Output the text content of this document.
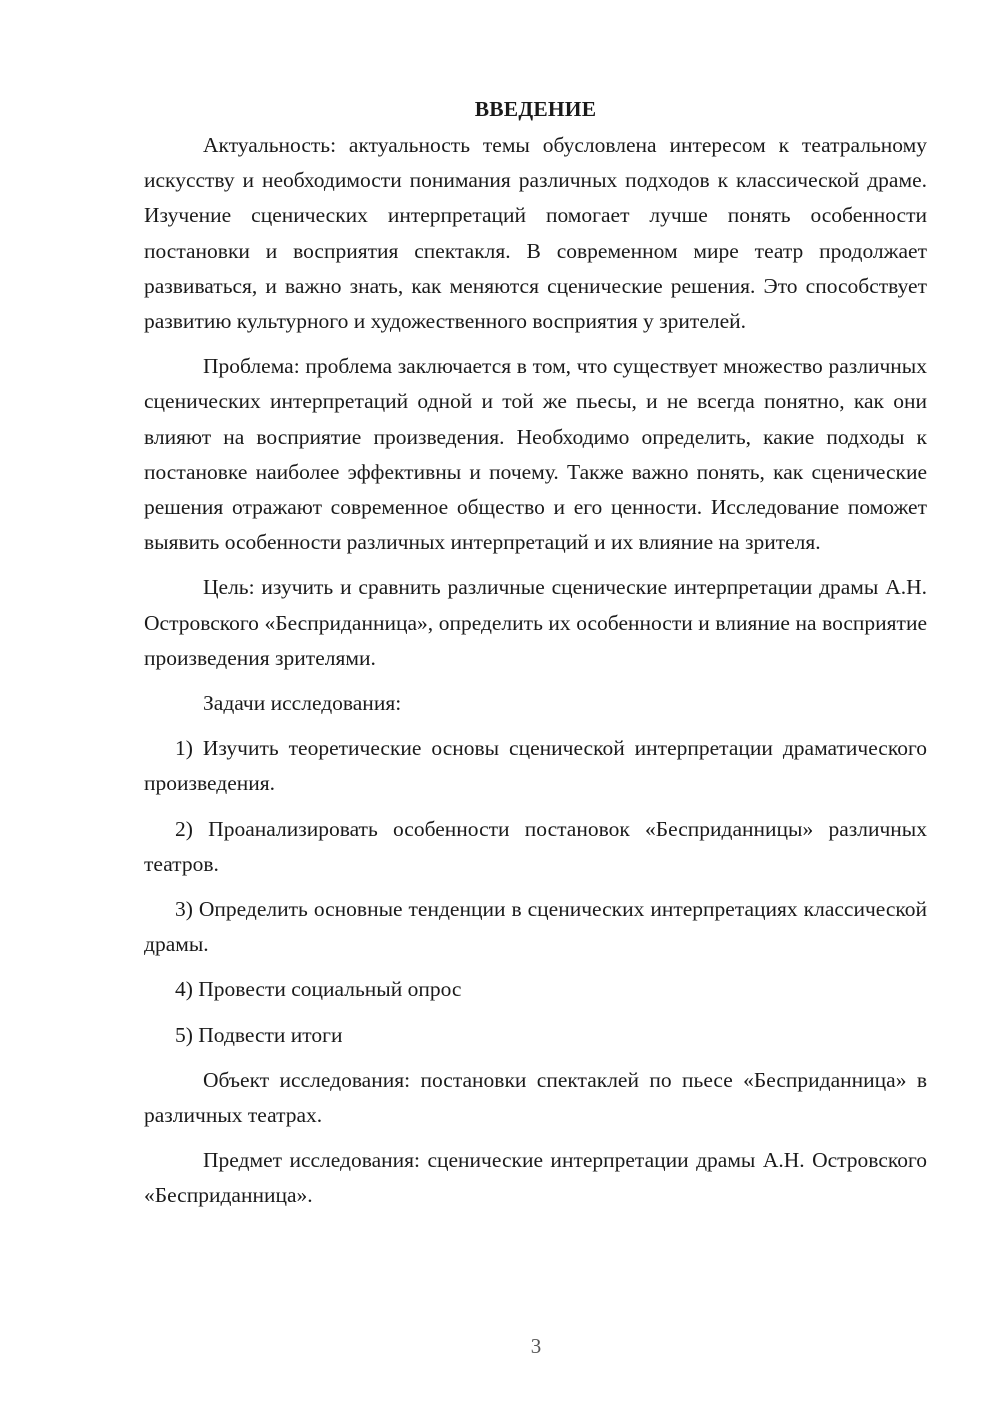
ВВЕДЕНИЕ

Актуальность: актуальность темы обусловлена интересом к театральному искусству и необходимости понимания различных подходов к классической драме. Изучение сценических интерпретаций помогает лучше понять особенности постановки и восприятия спектакля. В современном мире театр продолжает развиваться, и важно знать, как меняются сценические решения. Это способствует развитию культурного и художественного восприятия у зрителей.

Проблема: проблема заключается в том, что существует множество различных сценических интерпретаций одной и той же пьесы, и не всегда понятно, как они влияют на восприятие произведения. Необходимо определить, какие подходы к постановке наиболее эффективны и почему. Также важно понять, как сценические решения отражают современное общество и его ценности. Исследование поможет выявить особенности различных интерпретаций и их влияние на зрителя.

Цель: изучить и сравнить различные сценические интерпретации драмы А.Н. Островского «Бесприданница», определить их особенности и влияние на восприятие произведения зрителями.

Задачи исследования:

1) Изучить теоретические основы сценической интерпретации драматического произведения.

2) Проанализировать особенности постановок «Бесприданницы» различных театров.

3) Определить основные тенденции в сценических интерпретациях классической драмы.

4) Провести социальный опрос

5) Подвести итоги

Объект исследования: постановки спектаклей по пьесе «Бесприданница» в различных театрах.

Предмет исследования: сценические интерпретации драмы А.Н. Островского «Бесприданница».

3
